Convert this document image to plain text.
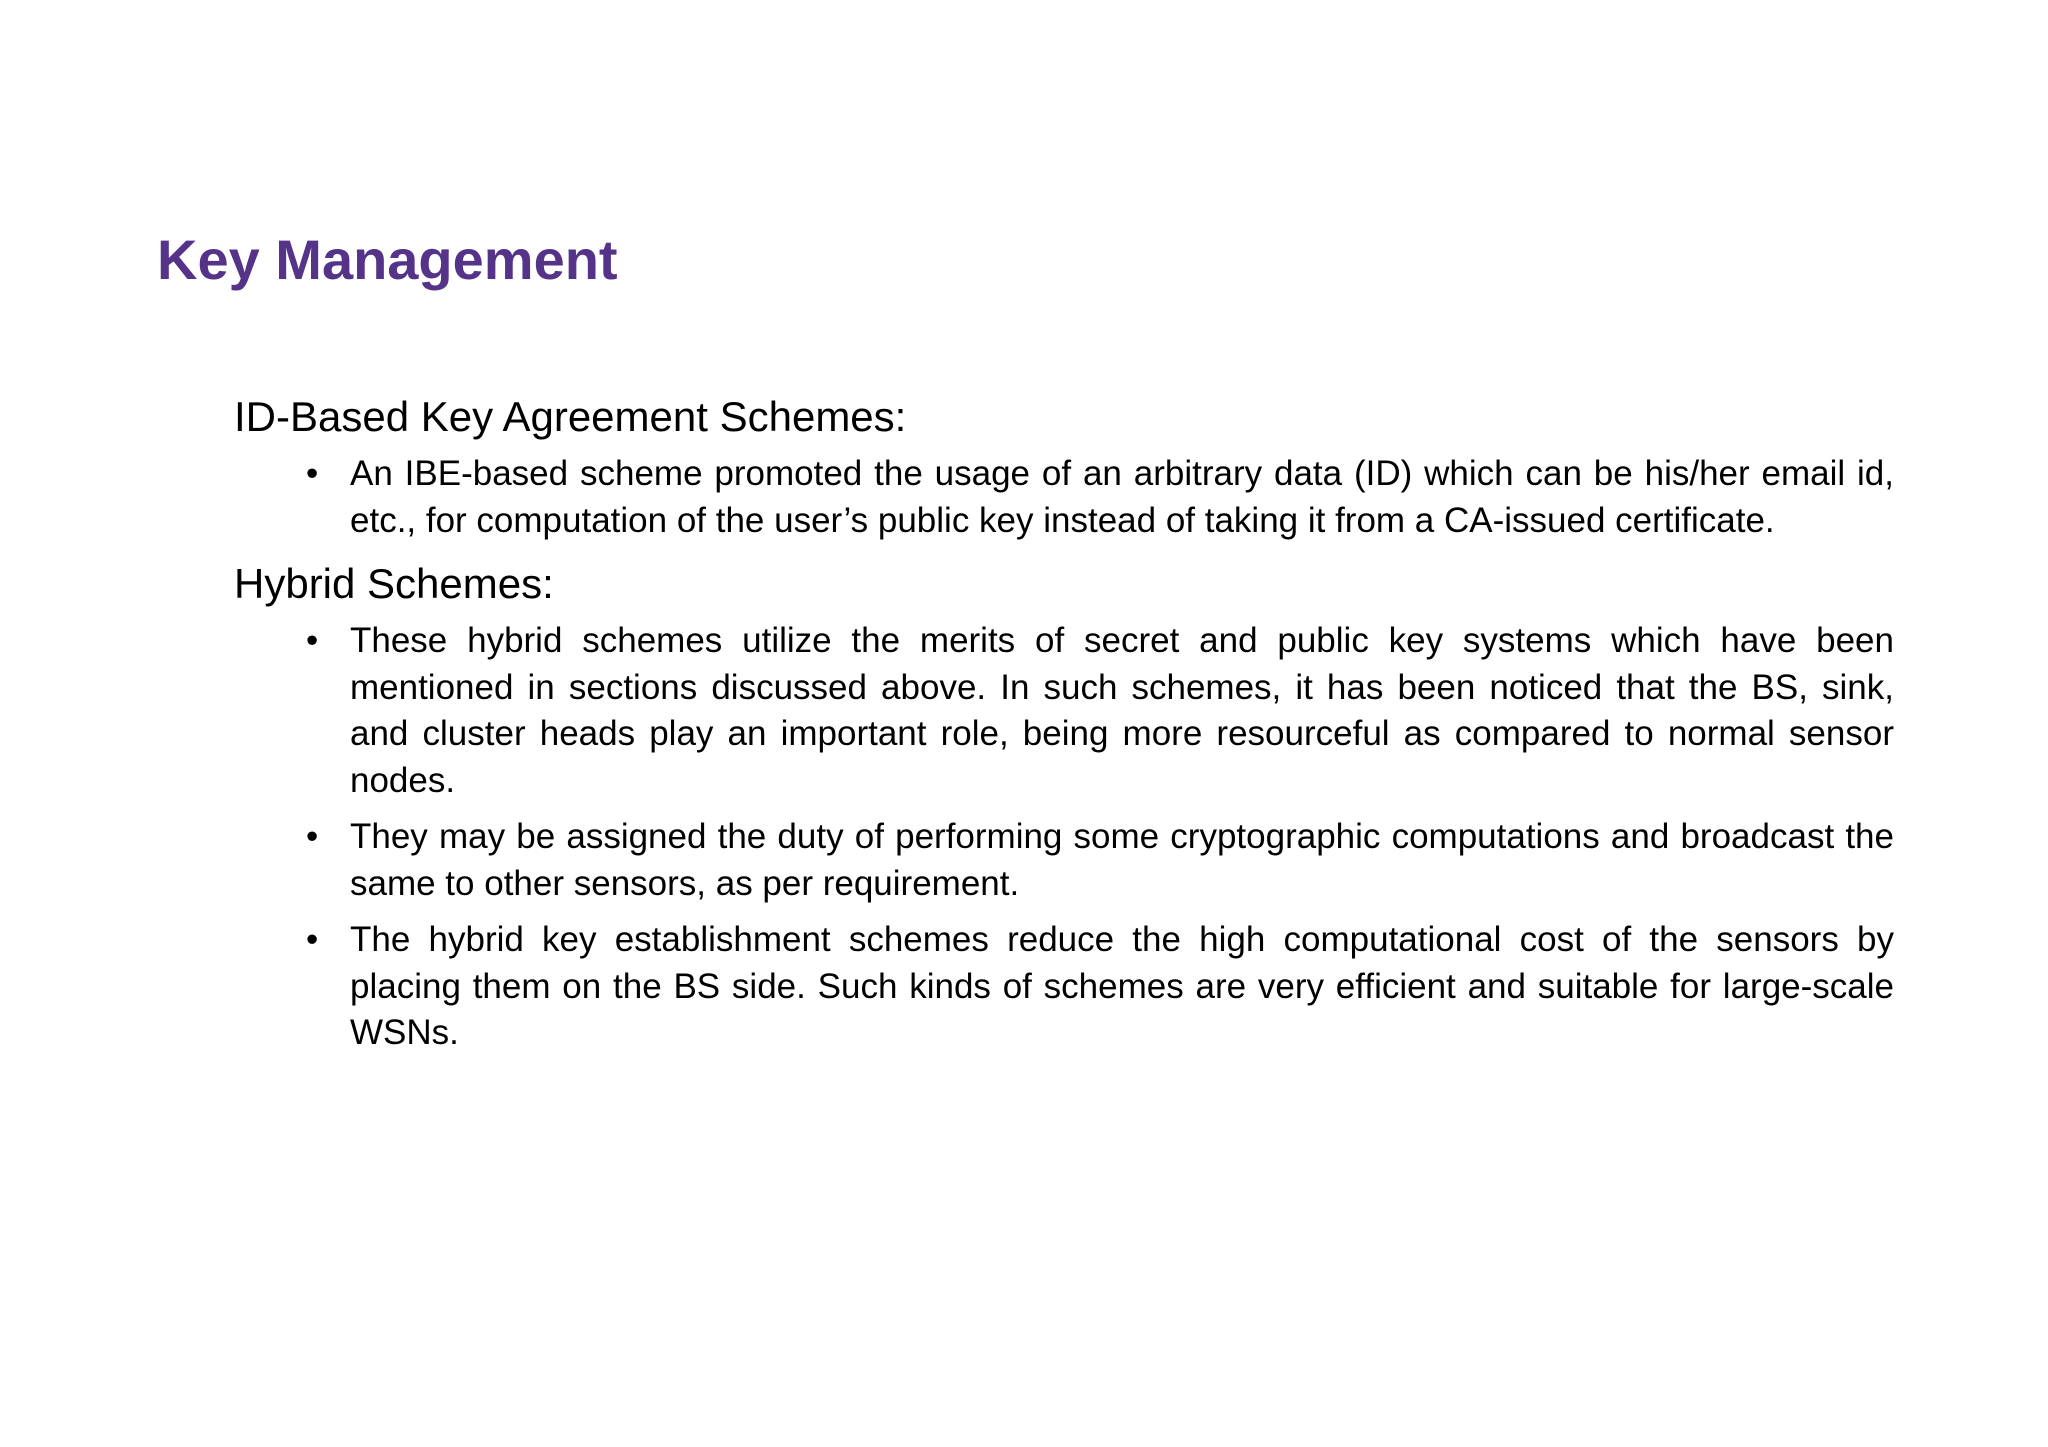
Key Management

ID-Based Key Agreement Schemes:

• An IBE-based scheme promoted the usage of an arbitrary data (ID) which can be his/her email id, etc., for computation of the user’s public key instead of taking it from a CA-issued certificate.

Hybrid Schemes:

• These hybrid schemes utilize the merits of secret and public key systems which have been mentioned in sections discussed above. In such schemes, it has been noticed that the BS, sink, and cluster heads play an important role, being more resourceful as compared to normal sensor nodes.
• They may be assigned the duty of performing some cryptographic computations and broadcast the same to other sensors, as per requirement.
• The hybrid key establishment schemes reduce the high computational cost of the sensors by placing them on the BS side. Such kinds of schemes are very efficient and suitable for large-scale WSNs.
